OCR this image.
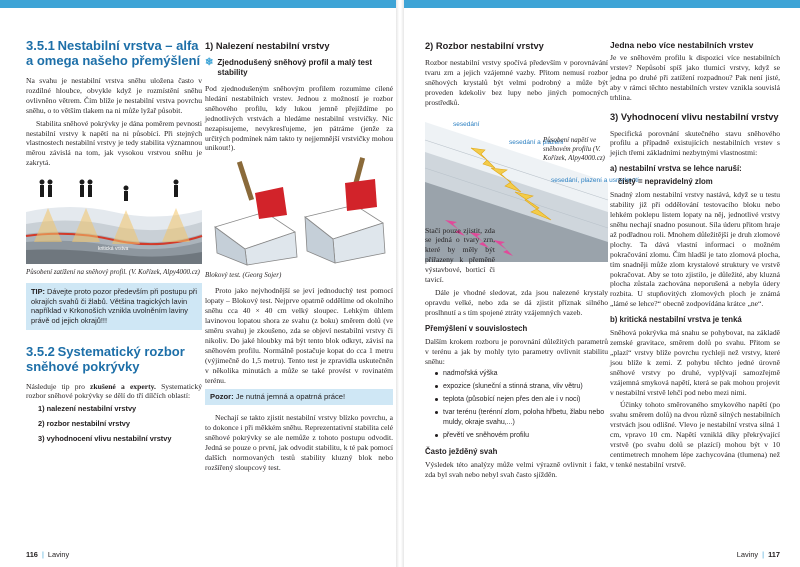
3.5.1 Nestabilní vrstva – alfa a omega našeho přemýšlení

Na svahu je nestabilní vrstva sněhu uložena často v rozdílné hloubce, obvykle když je rozmístění sněhu ovlivněno větrem. Čím blíže je nestabilní vrstva povrchu sněhu, o to větším tlakem na ni může lyžař působit.

Stabilita sněhové pokrývky je dána poměrem pevnosti nestabilní vrstvy k napětí na ni působící. Při stejných vlastnostech nestabilní vrstvy je tedy stabilita významnou měrou závislá na tom, jak vysokou vrstvou sněhu je zakrytá.

kritická vrstva
Působení zatížení na sněhový profil. (V. Kořízek, Alpy4000.cz)
TIP: Dávejte proto pozor především při postupu při okrajích svahů či žlabů. Většina tragických lavin například v Krkonoších vznikla uvolněním laviny právě od jejich okrajů!!!
3.5.2 Systematický rozbor sněhové pokrývky

Následuje tip pro zkušené a experty. Systematický rozbor sněhové pokrývky se dělí do tří dílčích oblastí:

1) nalezení nestabilní vrstvy
2) rozbor nestabilní vrstvy
3) vyhodnocení vlivu nestabilní vrstvy
1) Nalezení nestabilní vrstvy
❄ Zjednodušený sněhový profil a malý test stability

Pod zjednodušeným sněhovým profilem rozumíme cílené hledání nestabilních vrstev. Jednou z možností je rozbor sněhového profilu, kdy lukou jemně přejíždíme po jednotlivých vrstvách a hledáme nestabilní vrstvičky. Nic nezapisujeme, nevykresľujeme, jen pátráme (jenže za určitých podmínek nám takto ty nejjemnější vrstvičky mohou unikout!).

Blokový test. (Georg Sojer)

Proto jako nejvhodnější se jeví jednoduchý test pomocí lopaty – Blokový test. Nejprve opatrně oddělíme od okolního sněhu cca 40 × 40 cm velký sloupec. Lehkým úhlem lavinovou lopatou shora ze svahu (z boku) směrem dolů (ve směru svahu) je zkoušeno, zda se objeví nestabilní vrstvy či nikoliv. Do jaké hloubky má být tento blok odkryt, závisí na sněhovém profilu. Normálně postačuje kopat do cca 1 metru (výjimečně do 1,5 metru). Tento test je zpravidla uskutečněn v několika minutách a může se také provést v rovinatém terénu.

Pozor: Je nutná jemná a opatrná práce!

Nechají se takto zjistit nestabilní vrstvy blízko povrchu, a to dokonce i při měkkém sněhu. Reprezentativní stabilita celé sněhové pokrývky se ale nemůže z tohoto postupu odvodit. Jedná se pouze o první, jak odvodit stabilitu, k té pak pomocí dalších normovaných testů stability kluzný blok nebo rozšířený sloupcový test.

2) Rozbor nestabilní vrstvy

Rozbor nestabilní vrstvy spočívá především v porovnávání tvaru zrn a jejich vzájemné vazby. Přitom nemusí rozbor sněhových krystalů být velmi podrobný a může být proveden kdekoliv bez lupy nebo jiných pomocných prostředků.

sesedání
sesedání a plazení
sesedání, plazení a usmyknutí

Stačí pouze zjistit, zda se jedná o tvary zrn, které by měly být přiřazeny k přeměně výstavbové, borticí či tavicí.

Působení napětí ve sněhovém profilu (V. Kořízek, Alpy4000.cz)

Dále je vhodné sledovat, zda jsou nalezené krystaly opravdu velké, nebo zda se dá zjistit příznak silného proslhnutí a s tím spojené ztráty vzájemných vazeb.

Přemýšlení v souvislostech

Dalším krokem rozboru je porovnání důležitých parametrů v terénu a jak by mohly tyto parametry ovlivnit stabilitu sněhu:

nadmořská výška
expozice (sluneční a stinná strana, vliv větru)
teplota (působící nejen přes den ale i v noci)
tvar terénu (terénní zlom, poloha hřbetu, žlabu nebo muldy, okraje svahu,...)
převětí ve sněhovém profilu
Často ježděný svah

Výsledek této analýzy může velmi výrazně ovlivnit i fakt, zda byl svah nebo nebyl svah často sjížděn.

Jedna nebo více nestabilních vrstev

Je ve sněhovém profilu k dispozici více nestabilních vrstev? Nepůsobí spíš jako tlumicí vrstvy, když se jedna po druhé při zatížení rozpadnou? Pak není jisté, aby v rámci těchto nestabilních vrstev vznikla souvislá trhlina.

3) Vyhodnocení vlivu nestabilní vrstvy

Specifická porovnání skutečného stavu sněhového profilu a případně existujících nestabilních vrstev s jejich třemi základními nezbytnými vlastnostmi:

a) nestabilní vrstva se lehce naruší:
čistý = nepravidelný zlom

Snadný zlom nestabilní vrstvy nastává, když se u testu stability již při oddělování testovacího bloku nebo lehkém poklepu listem lopaty na něj, jednotlivé vrstvy sněhu nechají snadno posunout. Síla úderu přitom hraje až podřadnou roli. Mnohem důležitější je druh zlomové plochy. Ta dává vlastní informaci o možném pokračování zlomu. Čím hladší je tato zlomová plocha, tím snadněji může zlom krystalové struktury ve vrstvě pokračovat. Aby se toto zjistilo, je důležité, aby kluzná plocha zůstala zachována neporušená a nebyla údery rozbita. U stupňovitých zlomových ploch je známá „lámé se lehce?“ obecně zodpovídána krátce „ne“.

b) kritická nestabilní vrstva je tenká

Sněhová pokrývka má snahu se pohybovat, na základě zemské gravitace, směrem dolů po svahu. Přitom se „plazí“ vrstvy blíže povrchu rychleji než vrstvy, které jsou blíže k zemi. Z pohybu těchto jedné úrovně sněhové vrstvy po druhé, vyplývají samozřejmě vzájemná smyková napětí, která se pak mohou projevit v nestabilní vrstvě lehčí pod nebo mezi nimi.

Účinky tohoto směrovaného smykového napětí (po svahu směrem dolů) na dvou různě silných nestabilních vrstvách jsou odlišné. Vlevo je nestabilní vrstva silná 1 cm, vpravo 10 cm. Napětí vzniklá díky překrývající vrstvě (po svahu dolů se plazící) mohou být v 10 centimetrech mnohem lépe zachycována (tlumena) než v tenké nestabilní vrstvě.

116 | Laviny	Laviny | 117
